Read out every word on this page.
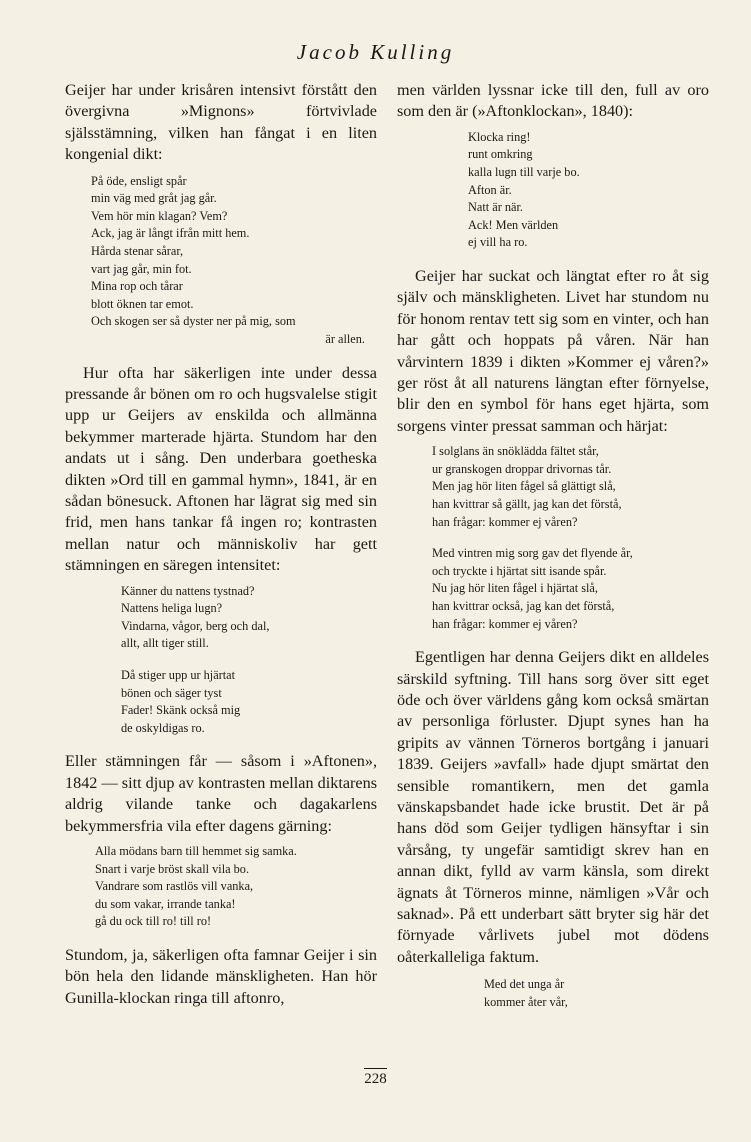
Jacob Kulling

Geijer har under krisåren intensivt förstått den övergivna »Mignons» förtvivlade själsstämning, vilken han fångat i en liten kongenial dikt:

På öde, ensligt spår
min väg med gråt jag går.
Vem hör min klagan? Vem?
Ack, jag är långt ifrån mitt hem.
Hårda stenar sårar,
vart jag går, min fot.
Mina rop och tårar
blott öknen tar emot.
Och skogen ser så dyster ner på mig, som
är allen.

Hur ofta har säkerligen inte under dessa pressande år bönen om ro och hugsvalelse stigit upp ur Geijers av enskilda och allmänna bekymmer marterade hjärta. Stundom har den andats ut i sång. Den underbara goetheska dikten »Ord till en gammal hymn», 1841, är en sådan bönesuck. Aftonen har lägrat sig med sin frid, men hans tankar få ingen ro; kontrasten mellan natur och människoliv har gett stämningen en säregen intensitet:

Känner du nattens tystnad?
Nattens heliga lugn?
Vindarna, vågor, berg och dal,
allt, allt tiger still.
Då stiger upp ur hjärtat
bönen och säger tyst
Fader! Skänk också mig
de oskyldigas ro.

Eller stämningen får — såsom i »Aftonen», 1842 — sitt djup av kontrasten mellan diktarens aldrig vilande tanke och dagakarlens bekymmersfria vila efter dagens gärning:

Alla mödans barn till hemmet sig samka.
Snart i varje bröst skall vila bo.
Vandrare som rastlös vill vanka,
du som vakar, irrande tanka!
gå du ock till ro! till ro!

Stundom, ja, säkerligen ofta famnar Geijer i sin bön hela den lidande mänskligheten. Han hör Gunilla-klockan ringa till aftonro,

men världen lyssnar icke till den, full av oro som den är (»Aftonklockan», 1840):

Klocka ring!
runt omkring
kalla lugn till varje bo.
Afton är.
Natt är när.
Ack! Men världen
ej vill ha ro.

Geijer har suckat och längtat efter ro åt sig själv och mänskligheten. Livet har stundom nu för honom rentav tett sig som en vinter, och han har gått och hoppats på våren. När han vårvintern 1839 i dikten »Kommer ej våren?» ger röst åt all naturens längtan efter förnyelse, blir den en symbol för hans eget hjärta, som sorgens vinter pressat samman och härjat:

I solglans än snöklädda fältet står,
ur granskogen droppar drivornas tår.
Men jag hör liten fågel så glättigt slå,
han kvittrar så gällt, jag kan det förstå,
han frågar: kommer ej våren?
Med vintren mig sorg gav det flyende år,
och tryckte i hjärtat sitt isande spår.
Nu jag hör liten fågel i hjärtat slå,
han kvittrar också, jag kan det förstå,
han frågar: kommer ej våren?

Egentligen har denna Geijers dikt en alldeles särskild syftning. Till hans sorg över sitt eget öde och över världens gång kom också smärtan av personliga förluster. Djupt synes han ha gripits av vännen Törneros bortgång i januari 1839. Geijers »avfall» hade djupt smärtat den sensible romantikern, men det gamla vänskapsbandet hade icke brustit. Det är på hans död som Geijer tydligen hänsyftar i sin vårsång, ty ungefär samtidigt skrev han en annan dikt, fylld av varm känsla, som direkt ägnats åt Törneros minne, nämligen »Vår och saknad». På ett underbart sätt bryter sig här det förnyade vårlivets jubel mot dödens oåterkalleliga faktum.

Med det unga år
kommer åter vår,
228
